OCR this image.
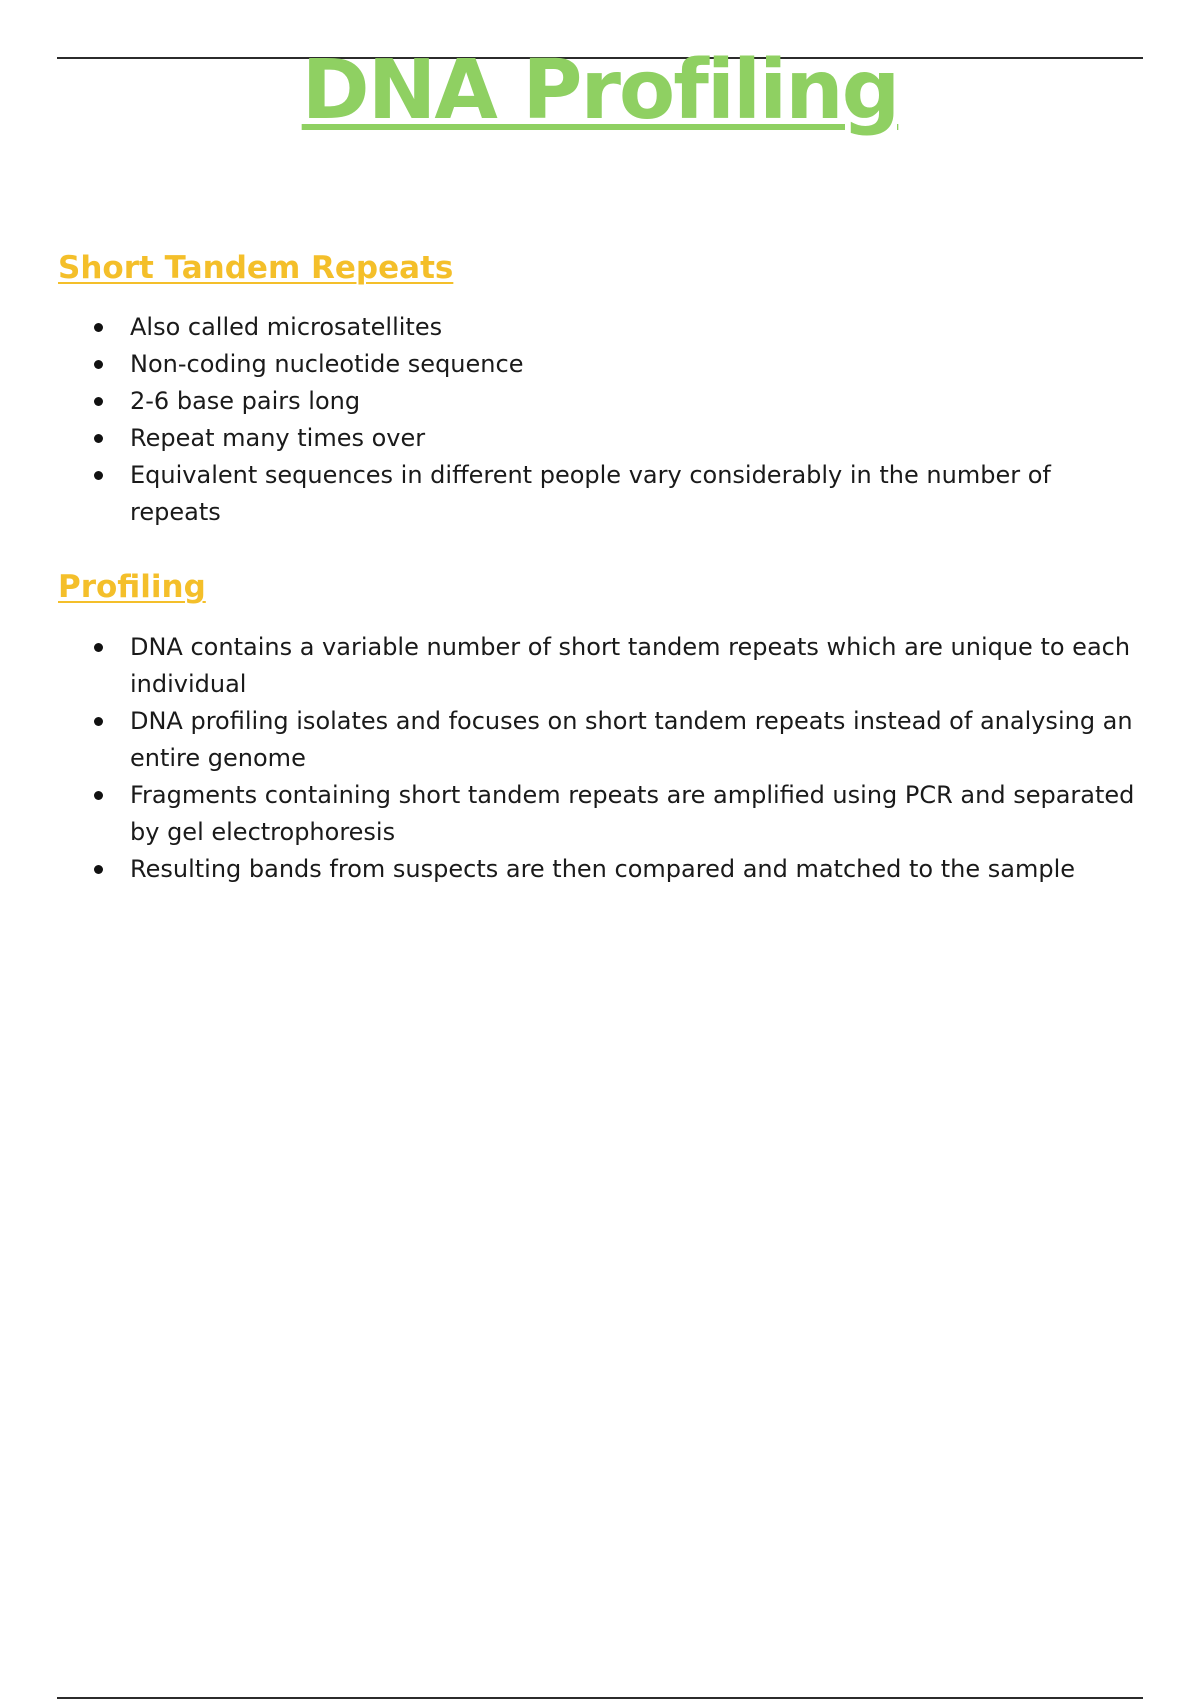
DNA Profiling
Short Tandem Repeats
Also called microsatellites
Non-coding nucleotide sequence
2-6 base pairs long
Repeat many times over
Equivalent sequences in different people vary considerably in the number of repeats
Profiling
DNA contains a variable number of short tandem repeats which are unique to each individual
DNA profiling isolates and focuses on short tandem repeats instead of analysing an entire genome
Fragments containing short tandem repeats are amplified using PCR and separated by gel electrophoresis
Resulting bands from suspects are then compared and matched to the sample
